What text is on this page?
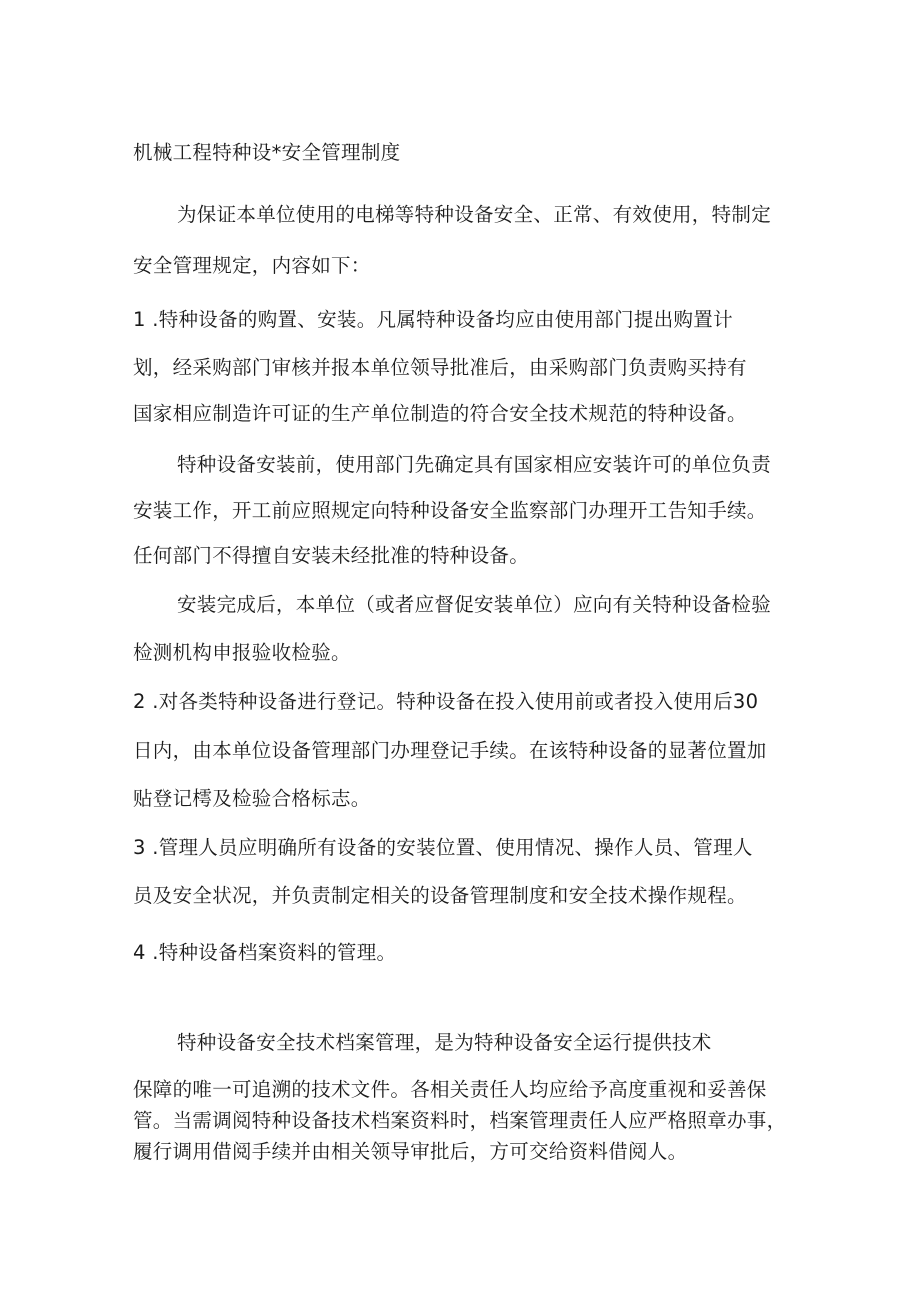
机械工程特种设*安全管理制度
为保证本单位使用的电梯等特种设备安全、正常、有效使用，特制定
安全管理规定，内容如下：
1 .特种设备的购置、安装。凡属特种设备均应由使用部门提出购置计
划，经采购部门审核并报本单位领导批准后，由采购部门负责购买持有
国家相应制造许可证的生产单位制造的符合安全技术规范的特种设备。
特种设备安装前，使用部门先确定具有国家相应安装许可的单位负责
安装工作，开工前应照规定向特种设备安全监察部门办理开工告知手续。
任何部门不得擅自安装未经批准的特种设备。
安装完成后，本单位（或者应督促安装单位）应向有关特种设备检验
检测机构申报验收检验。
2 .对各类特种设备进行登记。特种设备在投入使用前或者投入使用后30
日内，由本单位设备管理部门办理登记手续。在该特种设备的显著位置加
贴登记樗及检验合格标志。
3 .管理人员应明确所有设备的安装位置、使用情况、操作人员、管理人
员及安全状况，并负责制定相关的设备管理制度和安全技术操作规程。
4 .特种设备档案资料的管理。
特种设备安全技术档案管理，是为特种设备安全运行提供技术
保障的唯一可追溯的技术文件。各相关责任人均应给予高度重视和妥善保
管。当需调阅特种设备技术档案资料时，档案管理责任人应严格照章办事，
履行调用借阅手续并由相关领导审批后，方可交给资料借阅人。
